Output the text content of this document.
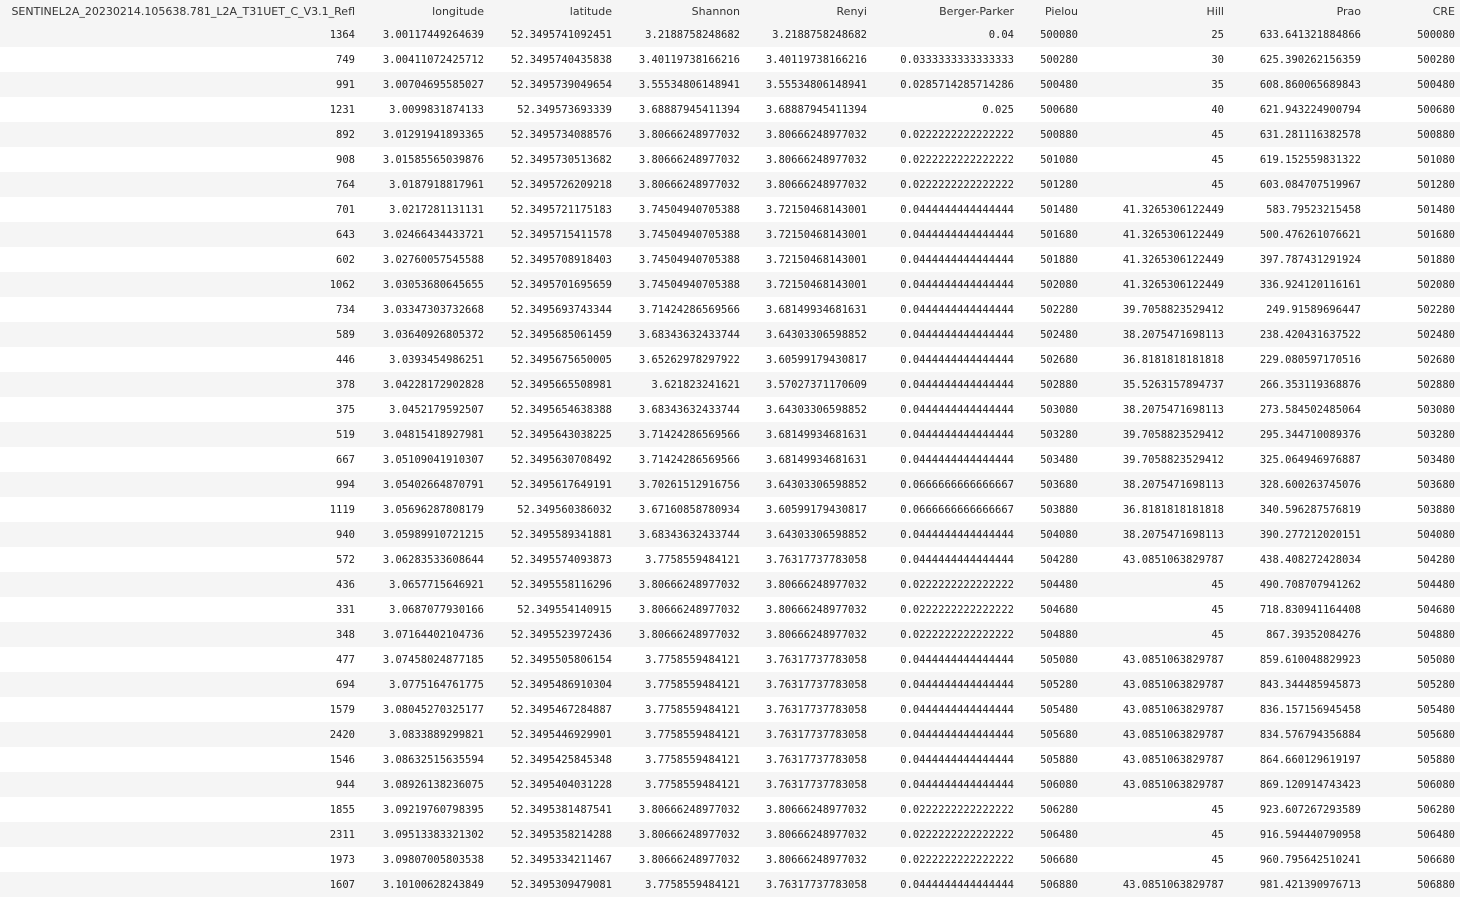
SENTINEL2A_20230214.105638.781_L2A_T31UET_C_V3.1_Refl	longitude	latitude	Shannon	Renyi	Berger-Parker	Pielou	Hill	Prao	CRE
1364	3.00117449264639	52.3495741092451	3.2188758248682	3.2188758248682	0.04	500080	25	633.641321884866	500080
749	3.00411072425712	52.3495740435838	3.40119738166216	3.40119738166216	0.0333333333333333	500280	30	625.390262156359	500280
991	3.00704695585027	52.3495739049654	3.55534806148941	3.55534806148941	0.0285714285714286	500480	35	608.860065689843	500480
1231	3.0099831874133	52.349573693339	3.68887945411394	3.68887945411394	0.025	500680	40	621.943224900794	500680
892	3.01291941893365	52.3495734088576	3.80666248977032	3.80666248977032	0.0222222222222222	500880	45	631.281116382578	500880
908	3.01585565039876	52.3495730513682	3.80666248977032	3.80666248977032	0.0222222222222222	501080	45	619.152559831322	501080
764	3.0187918817961	52.3495726209218	3.80666248977032	3.80666248977032	0.0222222222222222	501280	45	603.084707519967	501280
701	3.0217281131131	52.3495721175183	3.74504940705388	3.72150468143001	0.0444444444444444	501480	41.3265306122449	583.79523215458	501480
643	3.02466434433721	52.3495715411578	3.74504940705388	3.72150468143001	0.0444444444444444	501680	41.3265306122449	500.476261076621	501680
602	3.02760057545588	52.3495708918403	3.74504940705388	3.72150468143001	0.0444444444444444	501880	41.3265306122449	397.787431291924	501880
1062	3.03053680645655	52.3495701695659	3.74504940705388	3.72150468143001	0.0444444444444444	502080	41.3265306122449	336.924120116161	502080
734	3.03347303732668	52.3495693743344	3.71424286569566	3.68149934681631	0.0444444444444444	502280	39.7058823529412	249.91589696447	502280
589	3.03640926805372	52.3495685061459	3.68343632433744	3.64303306598852	0.0444444444444444	502480	38.2075471698113	238.420431637522	502480
446	3.0393454986251	52.3495675650005	3.65262978297922	3.60599179430817	0.0444444444444444	502680	36.8181818181818	229.080597170516	502680
378	3.04228172902828	52.3495665508981	3.621823241621	3.57027371170609	0.0444444444444444	502880	35.5263157894737	266.353119368876	502880
375	3.0452179592507	52.3495654638388	3.68343632433744	3.64303306598852	0.0444444444444444	503080	38.2075471698113	273.584502485064	503080
519	3.04815418927981	52.3495643038225	3.71424286569566	3.68149934681631	0.0444444444444444	503280	39.7058823529412	295.344710089376	503280
667	3.05109041910307	52.3495630708492	3.71424286569566	3.68149934681631	0.0444444444444444	503480	39.7058823529412	325.064946976887	503480
994	3.05402664870791	52.3495617649191	3.70261512916756	3.64303306598852	0.0666666666666667	503680	38.2075471698113	328.600263745076	503680
1119	3.05696287808179	52.349560386032	3.67160858780934	3.60599179430817	0.0666666666666667	503880	36.8181818181818	340.596287576819	503880
940	3.05989910721215	52.3495589341881	3.68343632433744	3.64303306598852	0.0444444444444444	504080	38.2075471698113	390.277212020151	504080
572	3.06283533608644	52.3495574093873	3.7758559484121	3.76317737783058	0.0444444444444444	504280	43.0851063829787	438.408272428034	504280
436	3.0657715646921	52.3495558116296	3.80666248977032	3.80666248977032	0.0222222222222222	504480	45	490.708707941262	504480
331	3.0687077930166	52.349554140915	3.80666248977032	3.80666248977032	0.0222222222222222	504680	45	718.830941164408	504680
348	3.07164402104736	52.3495523972436	3.80666248977032	3.80666248977032	0.0222222222222222	504880	45	867.39352084276	504880
477	3.07458024877185	52.3495505806154	3.7758559484121	3.76317737783058	0.0444444444444444	505080	43.0851063829787	859.610048829923	505080
694	3.0775164761775	52.3495486910304	3.7758559484121	3.76317737783058	0.0444444444444444	505280	43.0851063829787	843.344485945873	505280
1579	3.08045270325177	52.3495467284887	3.7758559484121	3.76317737783058	0.0444444444444444	505480	43.0851063829787	836.157156945458	505480
2420	3.0833889299821	52.3495446929901	3.7758559484121	3.76317737783058	0.0444444444444444	505680	43.0851063829787	834.576794356884	505680
1546	3.08632515635594	52.3495425845348	3.7758559484121	3.76317737783058	0.0444444444444444	505880	43.0851063829787	864.660129619197	505880
944	3.08926138236075	52.3495404031228	3.7758559484121	3.76317737783058	0.0444444444444444	506080	43.0851063829787	869.120914743423	506080
1855	3.09219760798395	52.3495381487541	3.80666248977032	3.80666248977032	0.0222222222222222	506280	45	923.607267293589	506280
2311	3.09513383321302	52.3495358214288	3.80666248977032	3.80666248977032	0.0222222222222222	506480	45	916.594440790958	506480
1973	3.09807005803538	52.3495334211467	3.80666248977032	3.80666248977032	0.0222222222222222	506680	45	960.795642510241	506680
1607	3.10100628243849	52.3495309479081	3.7758559484121	3.76317737783058	0.0444444444444444	506880	43.0851063829787	981.421390976713	506880
